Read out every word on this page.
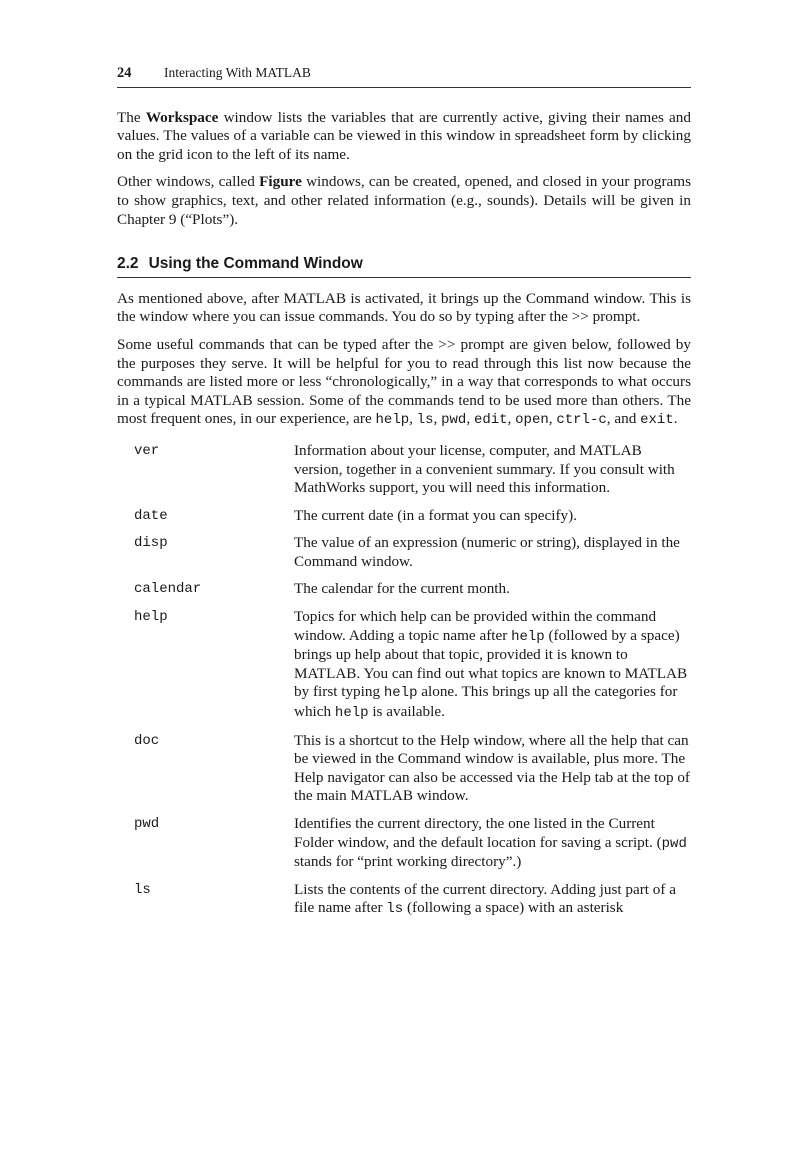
24	Interacting With MATLAB

The Workspace window lists the variables that are currently active, giving their names and values. The values of a variable can be viewed in this window in spreadsheet form by clicking on the grid icon to the left of its name.

Other windows, called Figure windows, can be created, opened, and closed in your programs to show graphics, text, and other related information (e.g., sounds). Details will be given in Chapter 9 (“Plots”).

2.2 Using the Command Window

As mentioned above, after MATLAB is activated, it brings up the Command window. This is the window where you can issue commands. You do so by typing after the >> prompt.

Some useful commands that can be typed after the >> prompt are given below, followed by the purposes they serve. It will be helpful for you to read through this list now because the commands are listed more or less “chronologically,” in a way that corresponds to what occurs in a typical MATLAB session. Some of the commands tend to be used more than others. The most frequent ones, in our experience, are help, ls, pwd, edit, open, ctrl-c, and exit.

ver	Information about your license, computer, and MATLAB version, together in a convenient summary. If you consult with MathWorks support, you will need this information.
date	The current date (in a format you can specify).
disp	The value of an expression (numeric or string), displayed in the Command window.
calendar	The calendar for the current month.
help	Topics for which help can be provided within the command window. Adding a topic name after help (followed by a space) brings up help about that topic, provided it is known to MATLAB. You can find out what topics are known to MATLAB by first typing help alone. This brings up all the categories for which help is available.
doc	This is a shortcut to the Help window, where all the help that can be viewed in the Command window is available, plus more. The Help navigator can also be accessed via the Help tab at the top of the main MATLAB window.
pwd	Identifies the current directory, the one listed in the Current Folder window, and the default location for saving a script. (pwd stands for “print working directory”.)
ls	Lists the contents of the current directory. Adding just part of a file name after ls (following a space) with an asterisk
